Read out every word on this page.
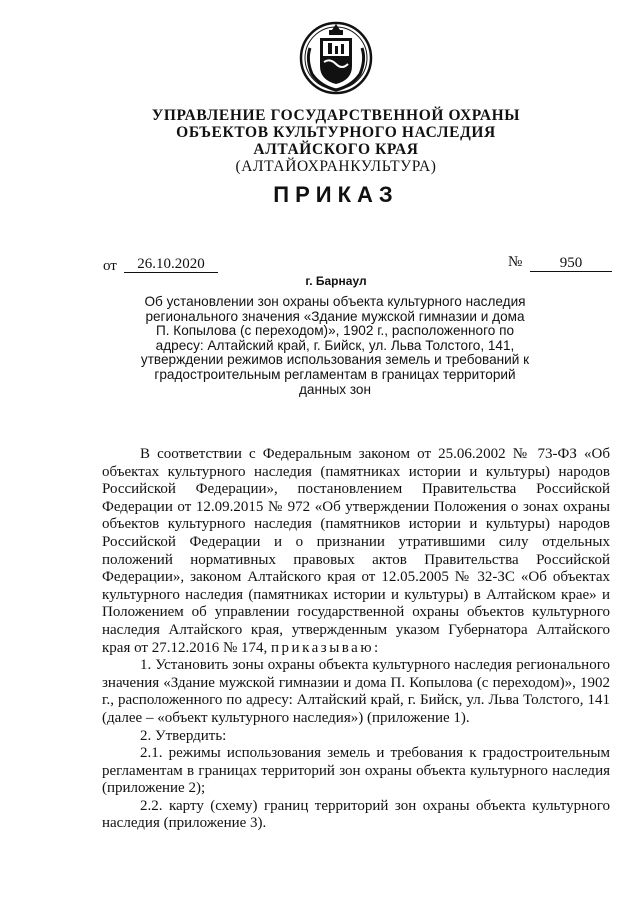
УПРАВЛЕНИЕ ГОСУДАРСТВЕННОЙ ОХРАНЫ
ОБЪЕКТОВ КУЛЬТУРНОГО НАСЛЕДИЯ
АЛТАЙСКОГО КРАЯ
(АЛТАЙОХРАНКУЛЬТУРА)
ПРИКАЗ
от	26.10.2020	№	950
г. Барнаул
Об установлении зон охраны объекта культурного наследия
регионального значения «Здание мужской гимназии и дома
П. Копылова (с переходом)», 1902 г., расположенного по
адресу: Алтайский край, г. Бийск, ул. Льва Толстого, 141,
утверждении режимов использования земель и требований к
градостроительным регламентам в границах территорий
данных зон

В соответствии с Федеральным законом от 25.06.2002 № 73-ФЗ «Об объектах культурного наследия (памятниках истории и культуры) народов Российской Федерации», постановлением Правительства Российской Федерации от 12.09.2015 № 972 «Об утверждении Положения о зонах охраны объектов культурного наследия (памятников истории и культуры) народов Российской Федерации и о признании утратившими силу отдельных положений нормативных правовых актов Правительства Российской Федерации», законом Алтайского края от 12.05.2005 № 32-ЗС «Об объектах культурного наследия (памятниках истории и культуры) в Алтайском крае» и Положением об управлении государственной охраны объектов культурного наследия Алтайского края, утвержденным указом Губернатора Алтайского края от 27.12.2016 № 174, приказываю:

1. Установить зоны охраны объекта культурного наследия регионального значения «Здание мужской гимназии и дома П. Копылова (с переходом)», 1902 г., расположенного по адресу: Алтайский край, г. Бийск, ул. Льва Толстого, 141 (далее – «объект культурного наследия») (приложение 1).

2. Утвердить:

2.1. режимы использования земель и требования к градостроительным регламентам в границах территорий зон охраны объекта культурного наследия (приложение 2);

2.2. карту (схему) границ территорий зон охраны объекта культурного наследия (приложение 3).
